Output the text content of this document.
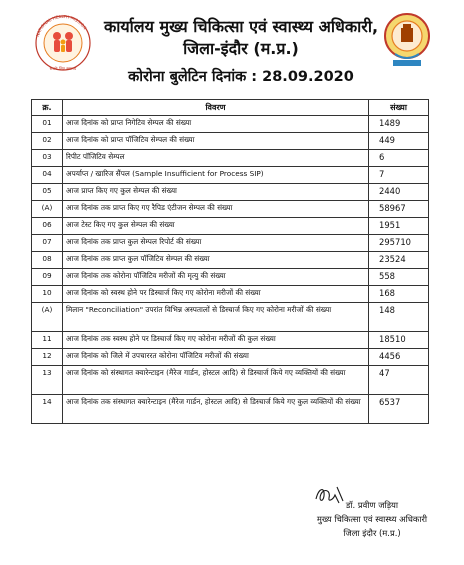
NATIONAL HEALTH MISSION
सबके लिए स्वास्थ्य
कार्यालय मुख्य चिकित्सा एवं स्वास्थ्य अधिकारी,
जिला-इंदौर (म.प्र.)
कोरोना बुलेटिन दिनांक : 28.09.2020
क्र.	विवरण	संख्या
01	आज दिनांक को प्राप्त निगेटिव सेम्पल की संख्या	1489
02	आज दिनांक को प्राप्त पॉजिटिव सेम्पल की संख्या	449
03	रिपीट पॉजिटिव सेम्पल	6
04	अपर्याप्त / खारिज सैंपल (Sample Insufficient for Process SIP)	7
05	आज प्राप्त किए गए कुल सेम्पल की संख्या	2440
(A)	आज दिनांक तक प्राप्त किए गए रैपिड एंटीजन सेम्पल की संख्या	58967
06	आज टेस्ट किए गए कुल सेम्पल की संख्या	1951
07	आज दिनांक तक प्राप्त कुल सेम्पल रिपोर्ट की संख्या	295710
08	आज दिनांक तक प्राप्त कुल पॉजिटिव सेम्पल की संख्या	23524
09	आज दिनांक तक कोरोना पॉजिटिव मरीजों की मृत्यु की संख्या	558
10	आज दिनांक को स्वस्थ होने पर डिस्चार्ज किए गए कोरोना मरीजों की संख्या	168
(A)	मिलान "Reconciliation" उपरांत विभिन्न अस्पतालों से डिस्चार्ज किए गए कोरोना मरीजों की संख्या	148
11	आज दिनांक तक स्वस्थ होने पर डिस्चार्ज किए गए कोरोना मरीजों की कुल संख्या	18510
12	आज दिनांक को जिले में उपचाररत कोरोना पॉजिटिव मरीजों की संख्या	4456
13	आज दिनांक को संस्थागत क्वारेन्टाइन (मैरेज गार्डन, होस्टल आदि) से डिस्चार्ज किये गए व्यक्तियों की संख्या	47
14	आज दिनांक तक संस्थागत क्वारेन्टाइन (मैरेज गार्डन, होस्टल आदि) से डिस्चार्ज किये गए कुल व्यक्तियों की संख्या	6537
डॉ. प्रवीण जड़िया
मुख्य चिकित्सा एवं स्वास्थ्य अधिकारी
जिला इंदौर (म.प्र.)
